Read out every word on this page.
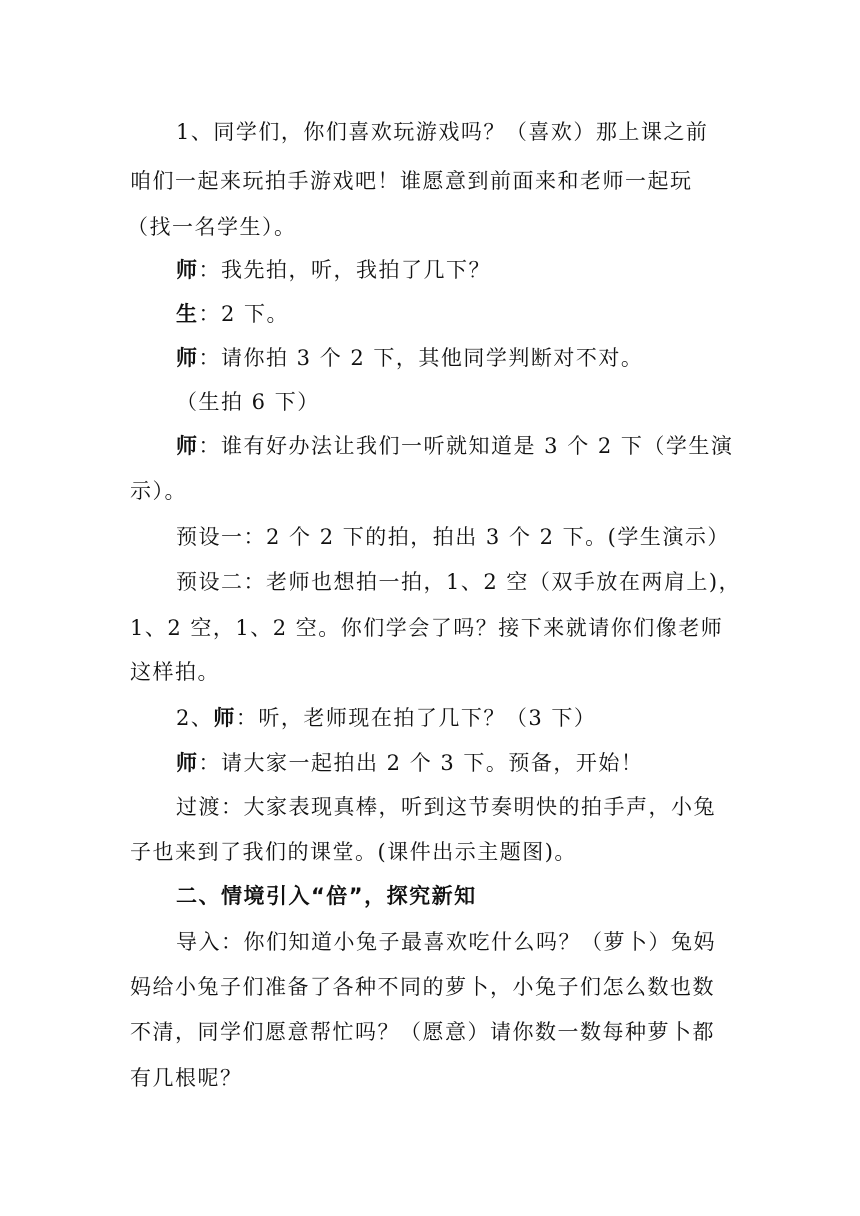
1、同学们，你们喜欢玩游戏吗？（喜欢）那上课之前
咱们一起来玩拍手游戏吧！谁愿意到前面来和老师一起玩
（找一名学生）。
师：我先拍，听，我拍了几下？
生：2 下。
师：请你拍 3 个 2 下，其他同学判断对不对。
（生拍 6 下）
师：谁有好办法让我们一听就知道是 3 个 2 下（学生演
示）。
预设一：2 个 2 下的拍，拍出 3 个 2 下。(学生演示）
预设二：老师也想拍一拍，1、2 空（双手放在两肩上)，
1、2 空，1、2 空。你们学会了吗？接下来就请你们像老师
这样拍。
2、师：听，老师现在拍了几下？（3 下）
师：请大家一起拍出 2 个 3 下。预备，开始！
过渡：大家表现真棒，听到这节奏明快的拍手声，小兔
子也来到了我们的课堂。(课件出示主题图)。
二、情境引入“倍”，探究新知
导入：你们知道小兔子最喜欢吃什么吗？（萝卜）兔妈
妈给小兔子们准备了各种不同的萝卜，小兔子们怎么数也数
不清，同学们愿意帮忙吗？（愿意）请你数一数每种萝卜都
有几根呢？
